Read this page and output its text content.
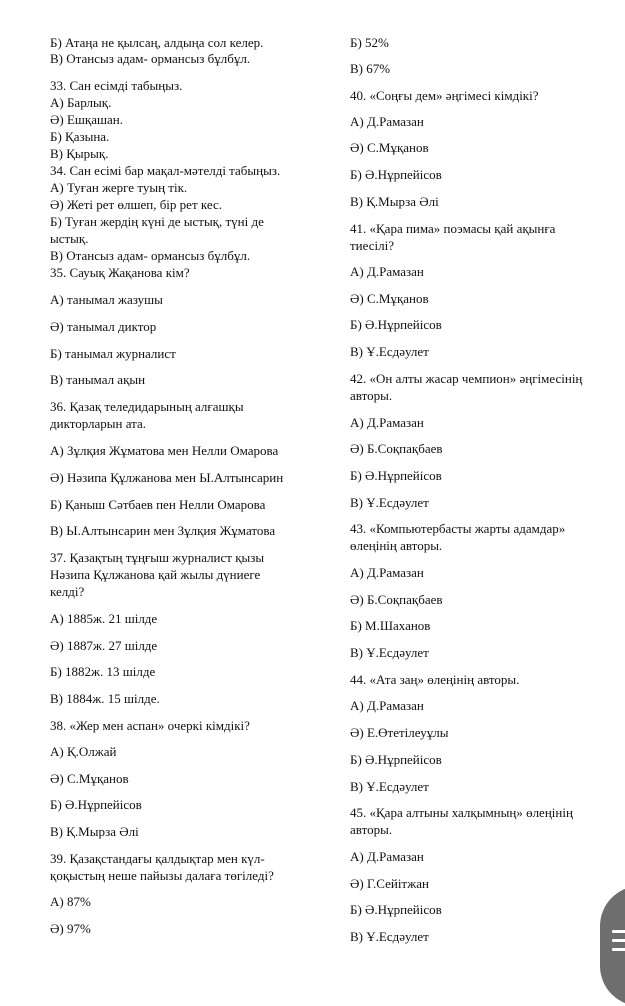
Б) Атаңа не қылсаң, алдыңа сол келер.
В) Отансыз адам- ормансыз бұлбұл.
33. Сан есімді табыңыз.
А) Барлық.
Ә) Ешқашан.
Б) Қазына.
В) Қырық.
34. Сан есімі бар мақал-мәтелді табыңыз.
А) Туған жерге туың тік.
Ә) Жеті рет өлшеп, бір рет кес.
Б) Туған жердің күні де ыстық, түні де
ыстық.
В) Отансыз адам- ормансыз бұлбұл.
35. Сауық Жақанова кім?
А) танымал жазушы
Ә) танымал диктор
Б) танымал журналист
В) танымал ақын
36. Қазақ теледидарының алғашқы
дикторларын ата.
А) Зұлқия Жұматова мен Нелли Омарова
Ә) Нәзипа Құлжанова мен Ы.Алтынсарин
Б) Қаныш Сәтбаев пен Нелли Омарова
В) Ы.Алтынсарин мен Зұлқия Жұматова
37. Қазақтың тұңғыш журналист қызы
Нәзипа Құлжанова қай жылы дүниеге
келді?
А) 1885ж. 21 шілде
Ә) 1887ж. 27 шілде
Б) 1882ж. 13 шілде
В) 1884ж. 15 шілде.
38. «Жер мен аспан» очеркі кімдікі?
А) Қ.Олжай
Ә) С.Мұқанов
Б) Ә.Нұрпейісов
В) Қ.Мырза Әлі
39. Қазақстандағы қалдықтар мен күл-
қоқыстың неше пайызы далаға төгіледі?
А) 87%
Ә) 97%
Б) 52%
В) 67%
40. «Соңғы дем» әңгімесі кімдікі?
А) Д.Рамазан
Ә) С.Мұқанов
Б) Ә.Нұрпейісов
В) Қ.Мырза Әлі
41. «Қара пима» поэмасы қай ақынға
тиесілі?
А) Д.Рамазан
Ә) С.Мұқанов
Б) Ә.Нұрпейісов
В) Ұ.Есдәулет
42. «Он алты жасар чемпион» әңгімесінің
авторы.
А) Д.Рамазан
Ә) Б.Соқпақбаев
Б) Ә.Нұрпейісов
В) Ұ.Есдәулет
43. «Компьютербасты жарты адамдар»
өлеңінің авторы.
А) Д.Рамазан
Ә) Б.Соқпақбаев
Б) М.Шаханов
В) Ұ.Есдәулет
44. «Ата заң» өлеңінің авторы.
А) Д.Рамазан
Ә) Е.Өтетілеуұлы
Б) Ә.Нұрпейісов
В) Ұ.Есдәулет
45. «Қара алтыны халқымның» өлеңінің
авторы.
А) Д.Рамазан
Ә) Г.Сейітжан
Б) Ә.Нұрпейісов
В) Ұ.Есдәулет
